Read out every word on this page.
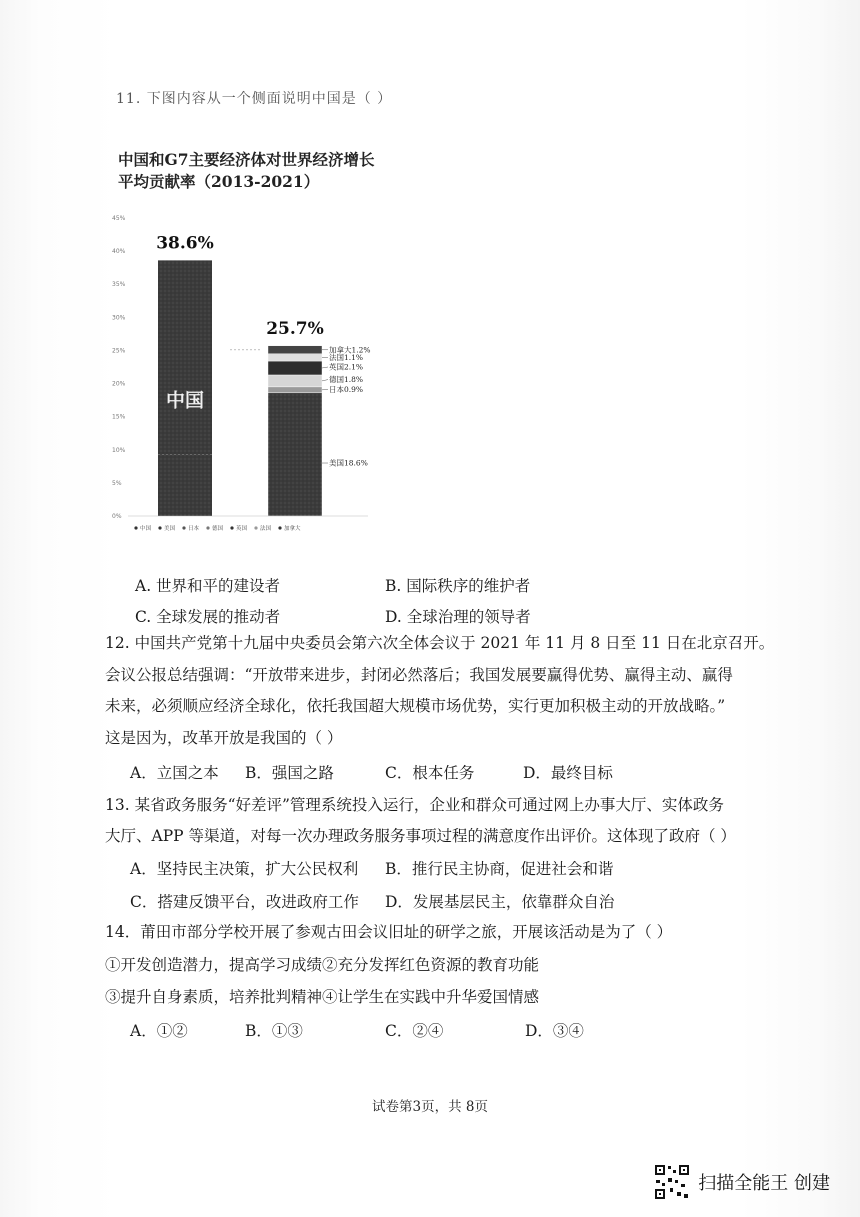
11. 下图内容从一个侧面说明中国是（ ）
中国和G7主要经济体对世界经济增长
平均贡献率（2013-2021）
0%
5%
10%
15%
20%
25%
30%
35%
40%
45%
38.6%
中国
25.7%
加拿大1.2%
法国1.1%
英国2.1%
德国1.8%
日本0.9%
美国18.6%
中国 美国 日本 德国 英国 法国 加拿大
A. 世界和平的建设者	B. 国际秩序的维护者
C. 全球发展的推动者	D. 全球治理的领导者
12. 中国共产党第十九届中央委员会第六次全体会议于 2021 年 11 月 8 日至 11 日在北京召开。
会议公报总结强调：“开放带来进步，封闭必然落后；我国发展要赢得优势、赢得主动、赢得
未来，必须顺应经济全球化，依托我国超大规模市场优势，实行更加积极主动的开放战略。”
这是因为，改革开放是我国的（ ）
A．立国之本 B．强国之路	C．根本任务	D．最终目标
13. 某省政务服务“好差评”管理系统投入运行，企业和群众可通过网上办事大厅、实体政务
大厅、APP 等渠道，对每一次办理政务服务事项过程的满意度作出评价。这体现了政府（ ）
A．坚持民主决策，扩大公民权利 B．推行民主协商，促进社会和谐
C．搭建反馈平台，改进政府工作 D．发展基层民主，依靠群众自治
14．莆田市部分学校开展了参观古田会议旧址的研学之旅，开展该活动是为了（ ）
①开发创造潜力，提高学习成绩②充分发挥红色资源的教育功能
③提升自身素质，培养批判精神④让学生在实践中升华爱国情感
A．①②	B．①③	C．②④	D．③④
试卷第3页，共 8页
扫描全能王 创建
